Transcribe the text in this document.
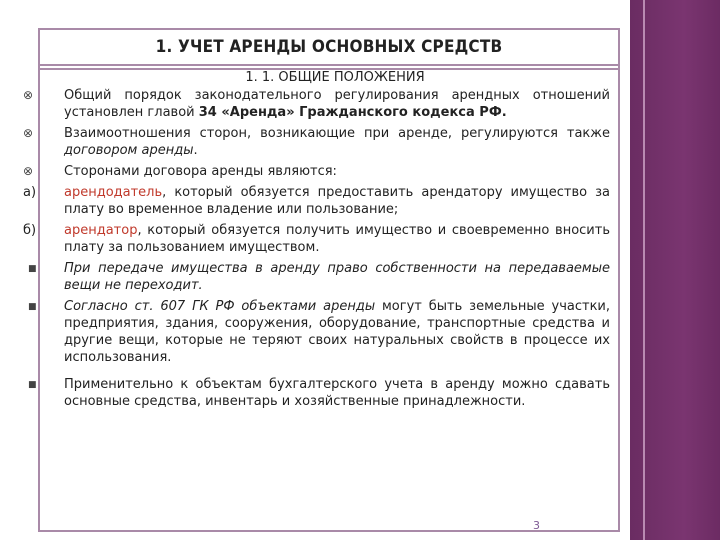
1. УЧЕТ АРЕНДЫ ОСНОВНЫХ СРЕДСТВ
1. 1. ОБЩИЕ ПОЛОЖЕНИЯ
⊗ Общий порядок законодательного регулирования арендных отношений установлен главой 34 «Аренда» Гражданского кодекса РФ.
⊗ Взаимоотношения сторон, возникающие при аренде, регулируются также договором аренды.
⊗ Сторонами договора аренды являются:
а) арендодатель, который обязуется предоставить арендатору имущество за плату во временное владение или пользование;
б) арендатор, который обязуется получить имущество и своевременно вносить плату за пользованием имуществом.
■ При передаче имущества в аренду право собственности на передаваемые вещи не переходит.
■ Согласно ст. 607 ГК РФ объектами аренды могут быть земельные участки, предприятия, здания, сооружения, оборудование, транспортные средства и другие вещи, которые не теряют своих натуральных свойств в процессе их использования.
■ Применительно к объектам бухгалтерского учета в аренду можно сдавать основные средства, инвентарь и хозяйственные принадлежности.
3
